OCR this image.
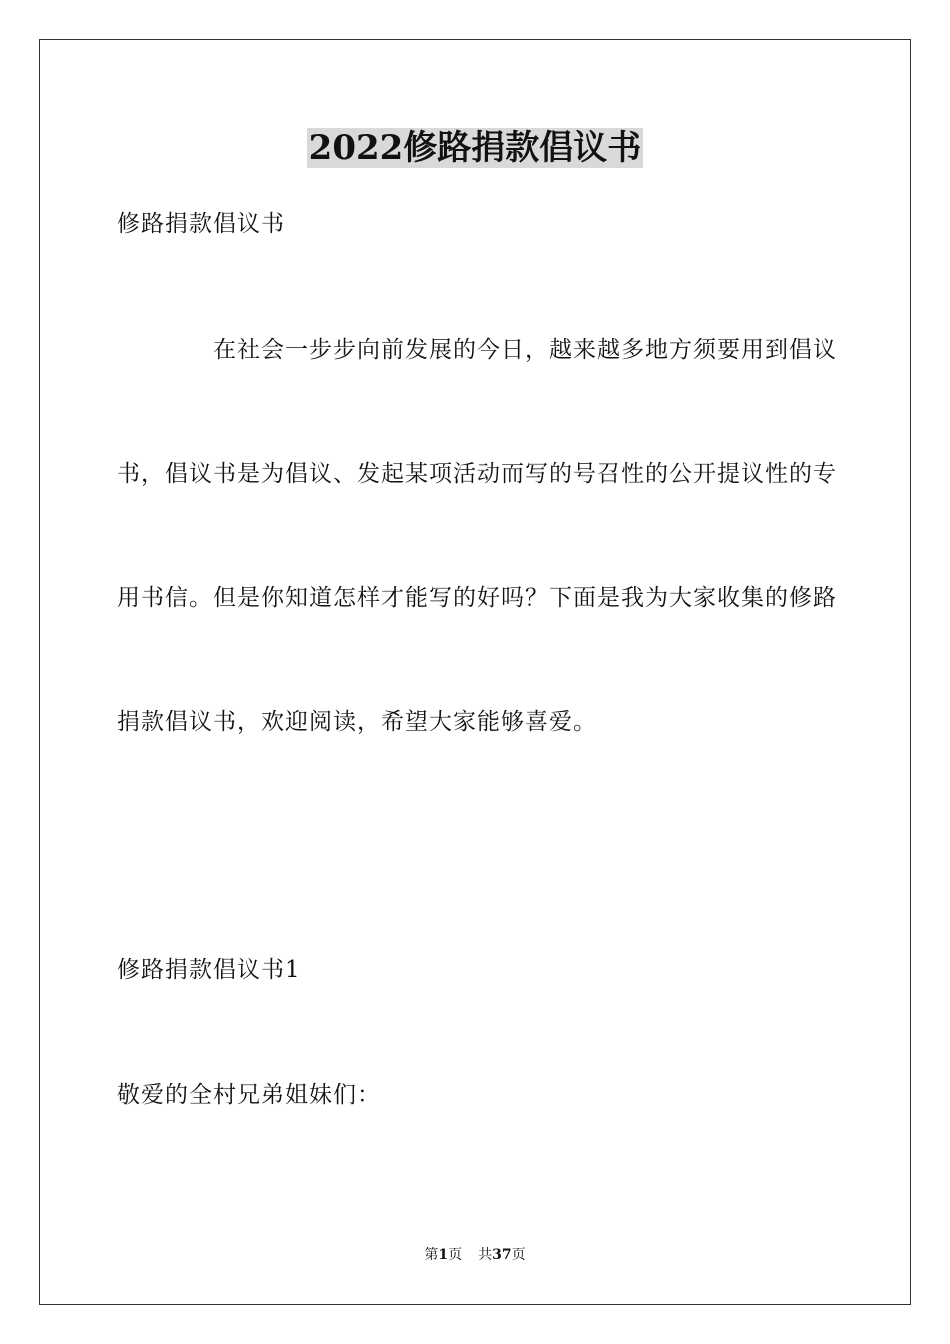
2022修路捐款倡议书
修路捐款倡议书
在社会一步步向前发展的今日，越来越多地方须要用到倡议
书，倡议书是为倡议、发起某项活动而写的号召性的公开提议性的专
用书信。但是你知道怎样才能写的好吗？下面是我为大家收集的修路
捐款倡议书，欢迎阅读，希望大家能够喜爱。
修路捐款倡议书1
敬爱的全村兄弟姐妹们：
第1页 共37页
